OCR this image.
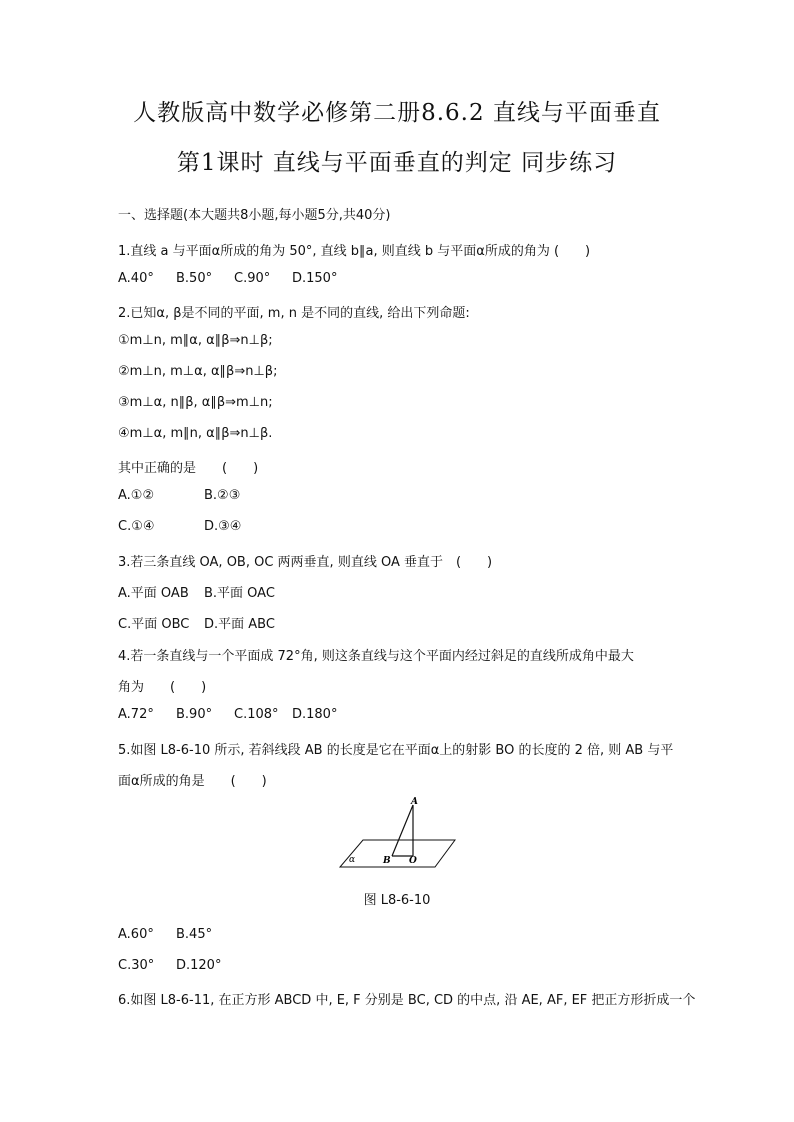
人教版高中数学必修第二册8.6.2 直线与平面垂直
第1课时 直线与平面垂直的判定 同步练习
一、选择题(本大题共8小题,每小题5分,共40分)
1.直线 a 与平面α所成的角为 50°, 直线 b∥a, 则直线 b 与平面α所成的角为 (　　)
A.40° B.50° C.90° D.150°
2.已知α, β是不同的平面, m, n 是不同的直线, 给出下列命题:
①m⊥n, m∥α, α∥β⇒n⊥β;
②m⊥n, m⊥α, α∥β⇒n⊥β;
③m⊥α, n∥β, α∥β⇒m⊥n;
④m⊥α, m∥n, α∥β⇒n⊥β.
其中正确的是　　(　　)
A.①②	B.②③
C.①④	D.③④
3.若三条直线 OA, OB, OC 两两垂直, 则直线 OA 垂直于　(　　)
A.平面 OAB B.平面 OAC
C.平面 OBC D.平面 ABC
4.若一条直线与一个平面成 72°角, 则这条直线与这个平面内经过斜足的直线所成角中最大
角为　　(　　)
A.72° B.90° C.108° D.180°
5.如图 L8-6-10 所示, 若斜线段 AB 的长度是它在平面α上的射影 BO 的长度的 2 倍, 则 AB 与平
面α所成的角是　　(　　)
A
B O
α
图 L8-6-10
A.60° B.45°
C.30° D.120°
6.如图 L8-6-11, 在正方形 ABCD 中, E, F 分别是 BC, CD 的中点, 沿 AE, AF, EF 把正方形折成一个
